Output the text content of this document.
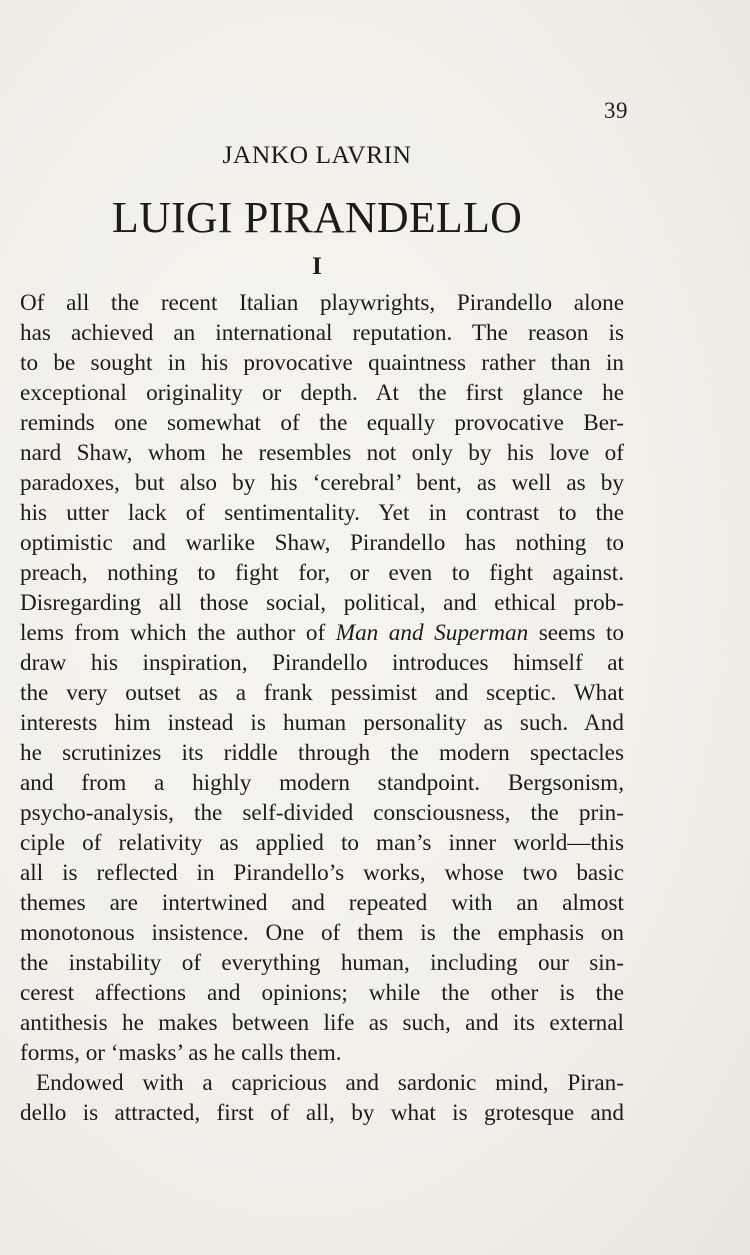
39
JANKO LAVRIN
LUIGI PIRANDELLO
I
Of all the recent Italian playwrights, Pirandello alone
has achieved an international reputation. The reason is
to be sought in his provocative quaintness rather than in
exceptional originality or depth. At the first glance he
reminds one somewhat of the equally provocative Ber-
nard Shaw, whom he resembles not only by his love of
paradoxes, but also by his ‘cerebral’ bent, as well as by
his utter lack of sentimentality. Yet in contrast to the
optimistic and warlike Shaw, Pirandello has nothing to
preach, nothing to fight for, or even to fight against.
Disregarding all those social, political, and ethical prob-
lems from which the author of Man and Superman seems to
draw his inspiration, Pirandello introduces himself at
the very outset as a frank pessimist and sceptic. What
interests him instead is human personality as such. And
he scrutinizes its riddle through the modern spectacles
and from a highly modern standpoint. Bergsonism,
psycho-analysis, the self-divided consciousness, the prin-
ciple of relativity as applied to man’s inner world—this
all is reflected in Pirandello’s works, whose two basic
themes are intertwined and repeated with an almost
monotonous insistence. One of them is the emphasis on
the instability of everything human, including our sin-
cerest affections and opinions; while the other is the
antithesis he makes between life as such, and its external
forms, or ‘masks’ as he calls them.
Endowed with a capricious and sardonic mind, Piran-
dello is attracted, first of all, by what is grotesque and
